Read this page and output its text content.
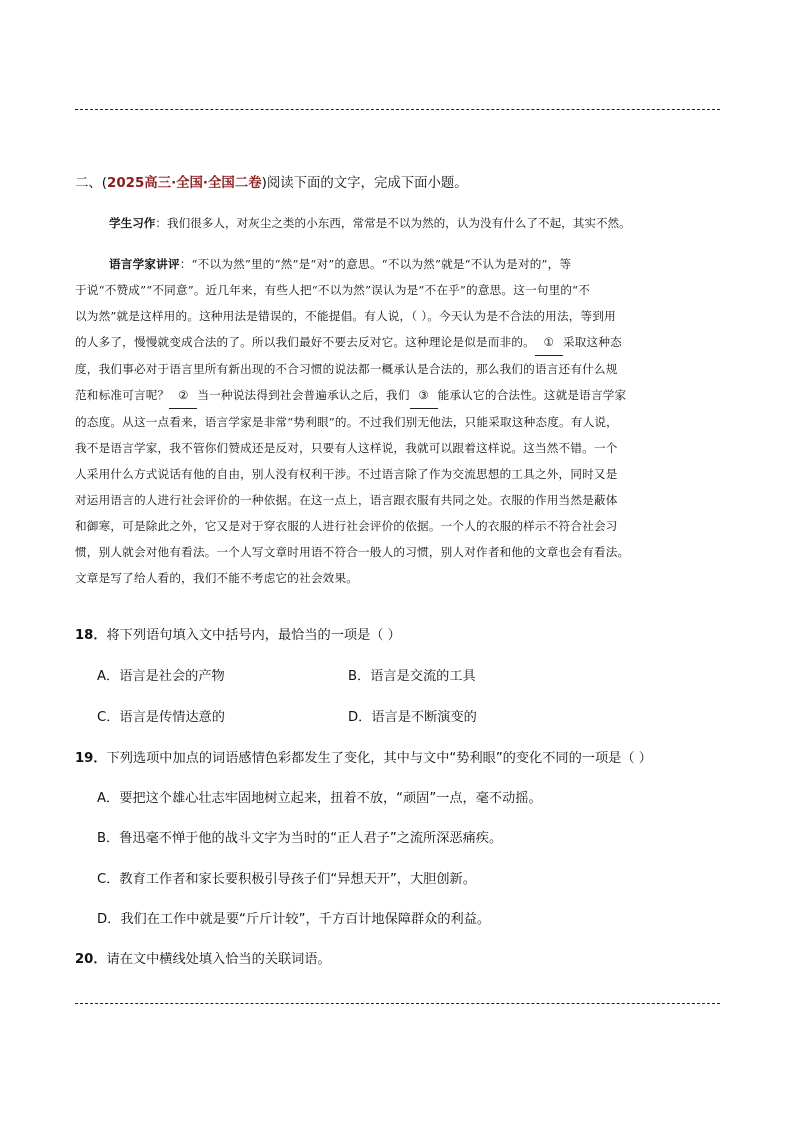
二、(2025高三·全国·全国二卷)阅读下面的文字，完成下面小题。
学生习作：我们很多人，对灰尘之类的小东西，常常是不以为然的，认为没有什么了不起，其实不然。
语言学家讲评：“不以为然”里的“然”是“对”的意思。“不以为然”就是“不认为是对的”，等
于说“不赞成”“不同意”。近几年来，有些人把“不以为然”误认为是“不在乎”的意思。这一句里的“不
以为然”就是这样用的。这种用法是错误的，不能提倡。有人说，（ ）。今天认为是不合法的用法，等到用
的人多了，慢慢就变成合法的了。所以我们最好不要去反对它。这种理论是似是而非的。 ① 采取这种态
度，我们事必对于语言里所有新出现的不合习惯的说法都一概承认是合法的，那么我们的语言还有什么规
范和标准可言呢？ ② 当一种说法得到社会普遍承认之后，我们 ③ 能承认它的合法性。这就是语言学家
的态度。从这一点看来，语言学家是非常“势利眼”的。不过我们别无他法，只能采取这种态度。有人说，
我不是语言学家，我不管你们赞成还是反对，只要有人这样说，我就可以跟着这样说。这当然不错。一个
人采用什么方式说话有他的自由，别人没有权利干涉。不过语言除了作为交流思想的工具之外，同时又是
对运用语言的人进行社会评价的一种依据。在这一点上，语言跟衣服有共同之处。衣服的作用当然是蔽体
和御寒，可是除此之外，它又是对于穿衣服的人进行社会评价的依据。一个人的衣服的样示不符合社会习
惯，别人就会对他有看法。一个人写文章时用语不符合一般人的习惯，别人对作者和他的文章也会有看法。
文章是写了给人看的，我们不能不考虑它的社会效果。
18．将下列语句填入文中括号内，最恰当的一项是（ ）
A．语言是社会的产物	B．语言是交流的工具
C．语言是传情达意的	D．语言是不断演变的
19．下列选项中加点的词语感情色彩都发生了变化，其中与文中“势利眼”的变化不同的一项是（ ）
A．要把这个雄心壮志牢固地树立起来，扭着不放，“顽固”一点，毫不动摇。
B．鲁迅毫不惮于他的战斗文字为当时的“正人君子”之流所深恶痛疾。
C．教育工作者和家长要积极引导孩子们“异想天开”，大胆创新。
D．我们在工作中就是要“斤斤计较”，千方百计地保障群众的利益。
20．请在文中横线处填入恰当的关联词语。
